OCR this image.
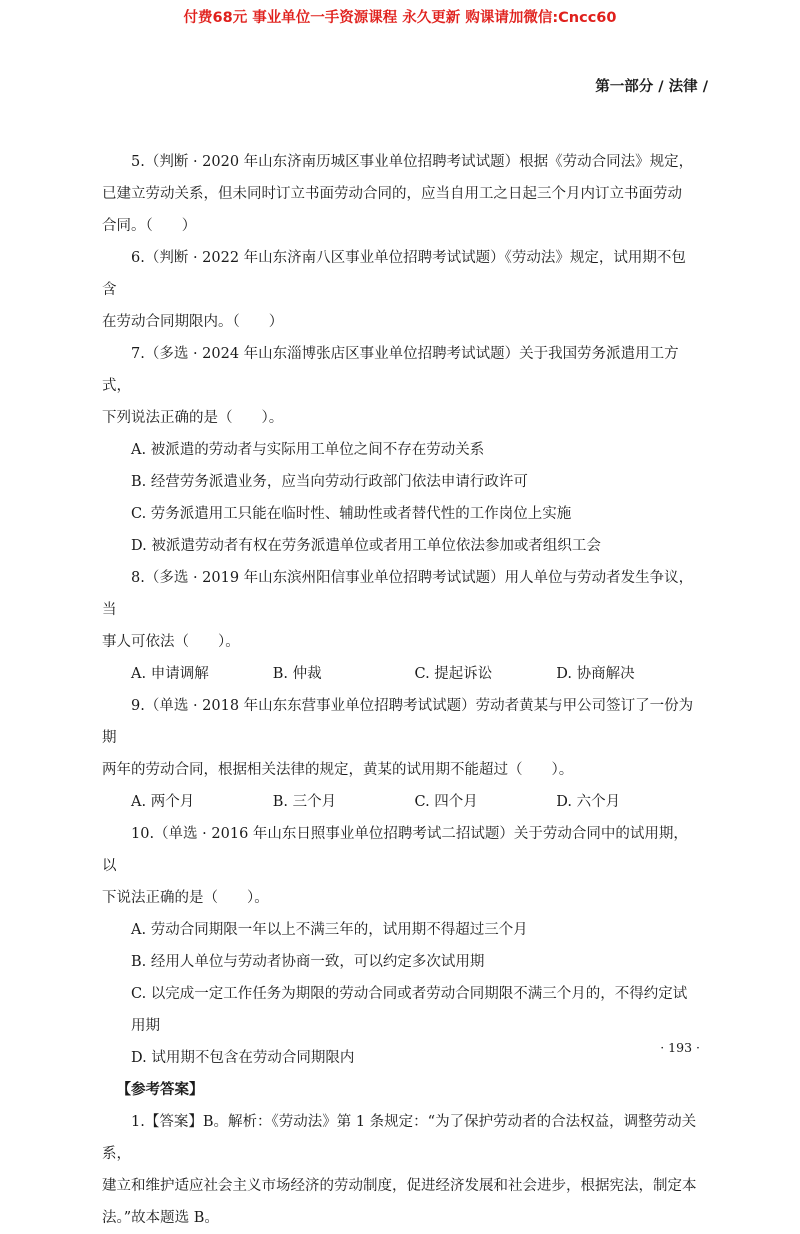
付费68元 事业单位一手资源课程 永久更新 购课请加微信:Cncc60
第一部分 / 法律 /

5.（判断 · 2020 年山东济南历城区事业单位招聘考试试题）根据《劳动合同法》规定，

已建立劳动关系，但未同时订立书面劳动合同的，应当自用工之日起三个月内订立书面劳动

合同。（　　）

6.（判断 · 2022 年山东济南八区事业单位招聘考试试题）《劳动法》规定，试用期不包含

在劳动合同期限内。（　　）

7.（多选 · 2024 年山东淄博张店区事业单位招聘考试试题）关于我国劳务派遣用工方式，

下列说法正确的是（　　）。

A. 被派遣的劳动者与实际用工单位之间不存在劳动关系

B. 经营劳务派遣业务，应当向劳动行政部门依法申请行政许可

C. 劳务派遣用工只能在临时性、辅助性或者替代性的工作岗位上实施

D. 被派遣劳动者有权在劳务派遣单位或者用工单位依法参加或者组织工会

8.（多选 · 2019 年山东滨州阳信事业单位招聘考试试题）用人单位与劳动者发生争议，当

事人可依法（　　）。

A. 申请调解	B. 仲裁	C. 提起诉讼	D. 协商解决

9.（单选 · 2018 年山东东营事业单位招聘考试试题）劳动者黄某与甲公司签订了一份为期

两年的劳动合同，根据相关法律的规定，黄某的试用期不能超过（　　）。

A. 两个月	B. 三个月	C. 四个月	D. 六个月

10.（单选 · 2016 年山东日照事业单位招聘考试二招试题）关于劳动合同中的试用期，以

下说法正确的是（　　）。

A. 劳动合同期限一年以上不满三年的，试用期不得超过三个月

B. 经用人单位与劳动者协商一致，可以约定多次试用期

C. 以完成一定工作任务为期限的劳动合同或者劳动合同期限不满三个月的，不得约定试用期

D. 试用期不包含在劳动合同期限内

【参考答案】

1.【答案】B。解析：《劳动法》第 1 条规定：“为了保护劳动者的合法权益，调整劳动关系，

建立和维护适应社会主义市场经济的劳动制度，促进经济发展和社会进步，根据宪法，制定本

法。”故本题选 B。

· 193 ·
